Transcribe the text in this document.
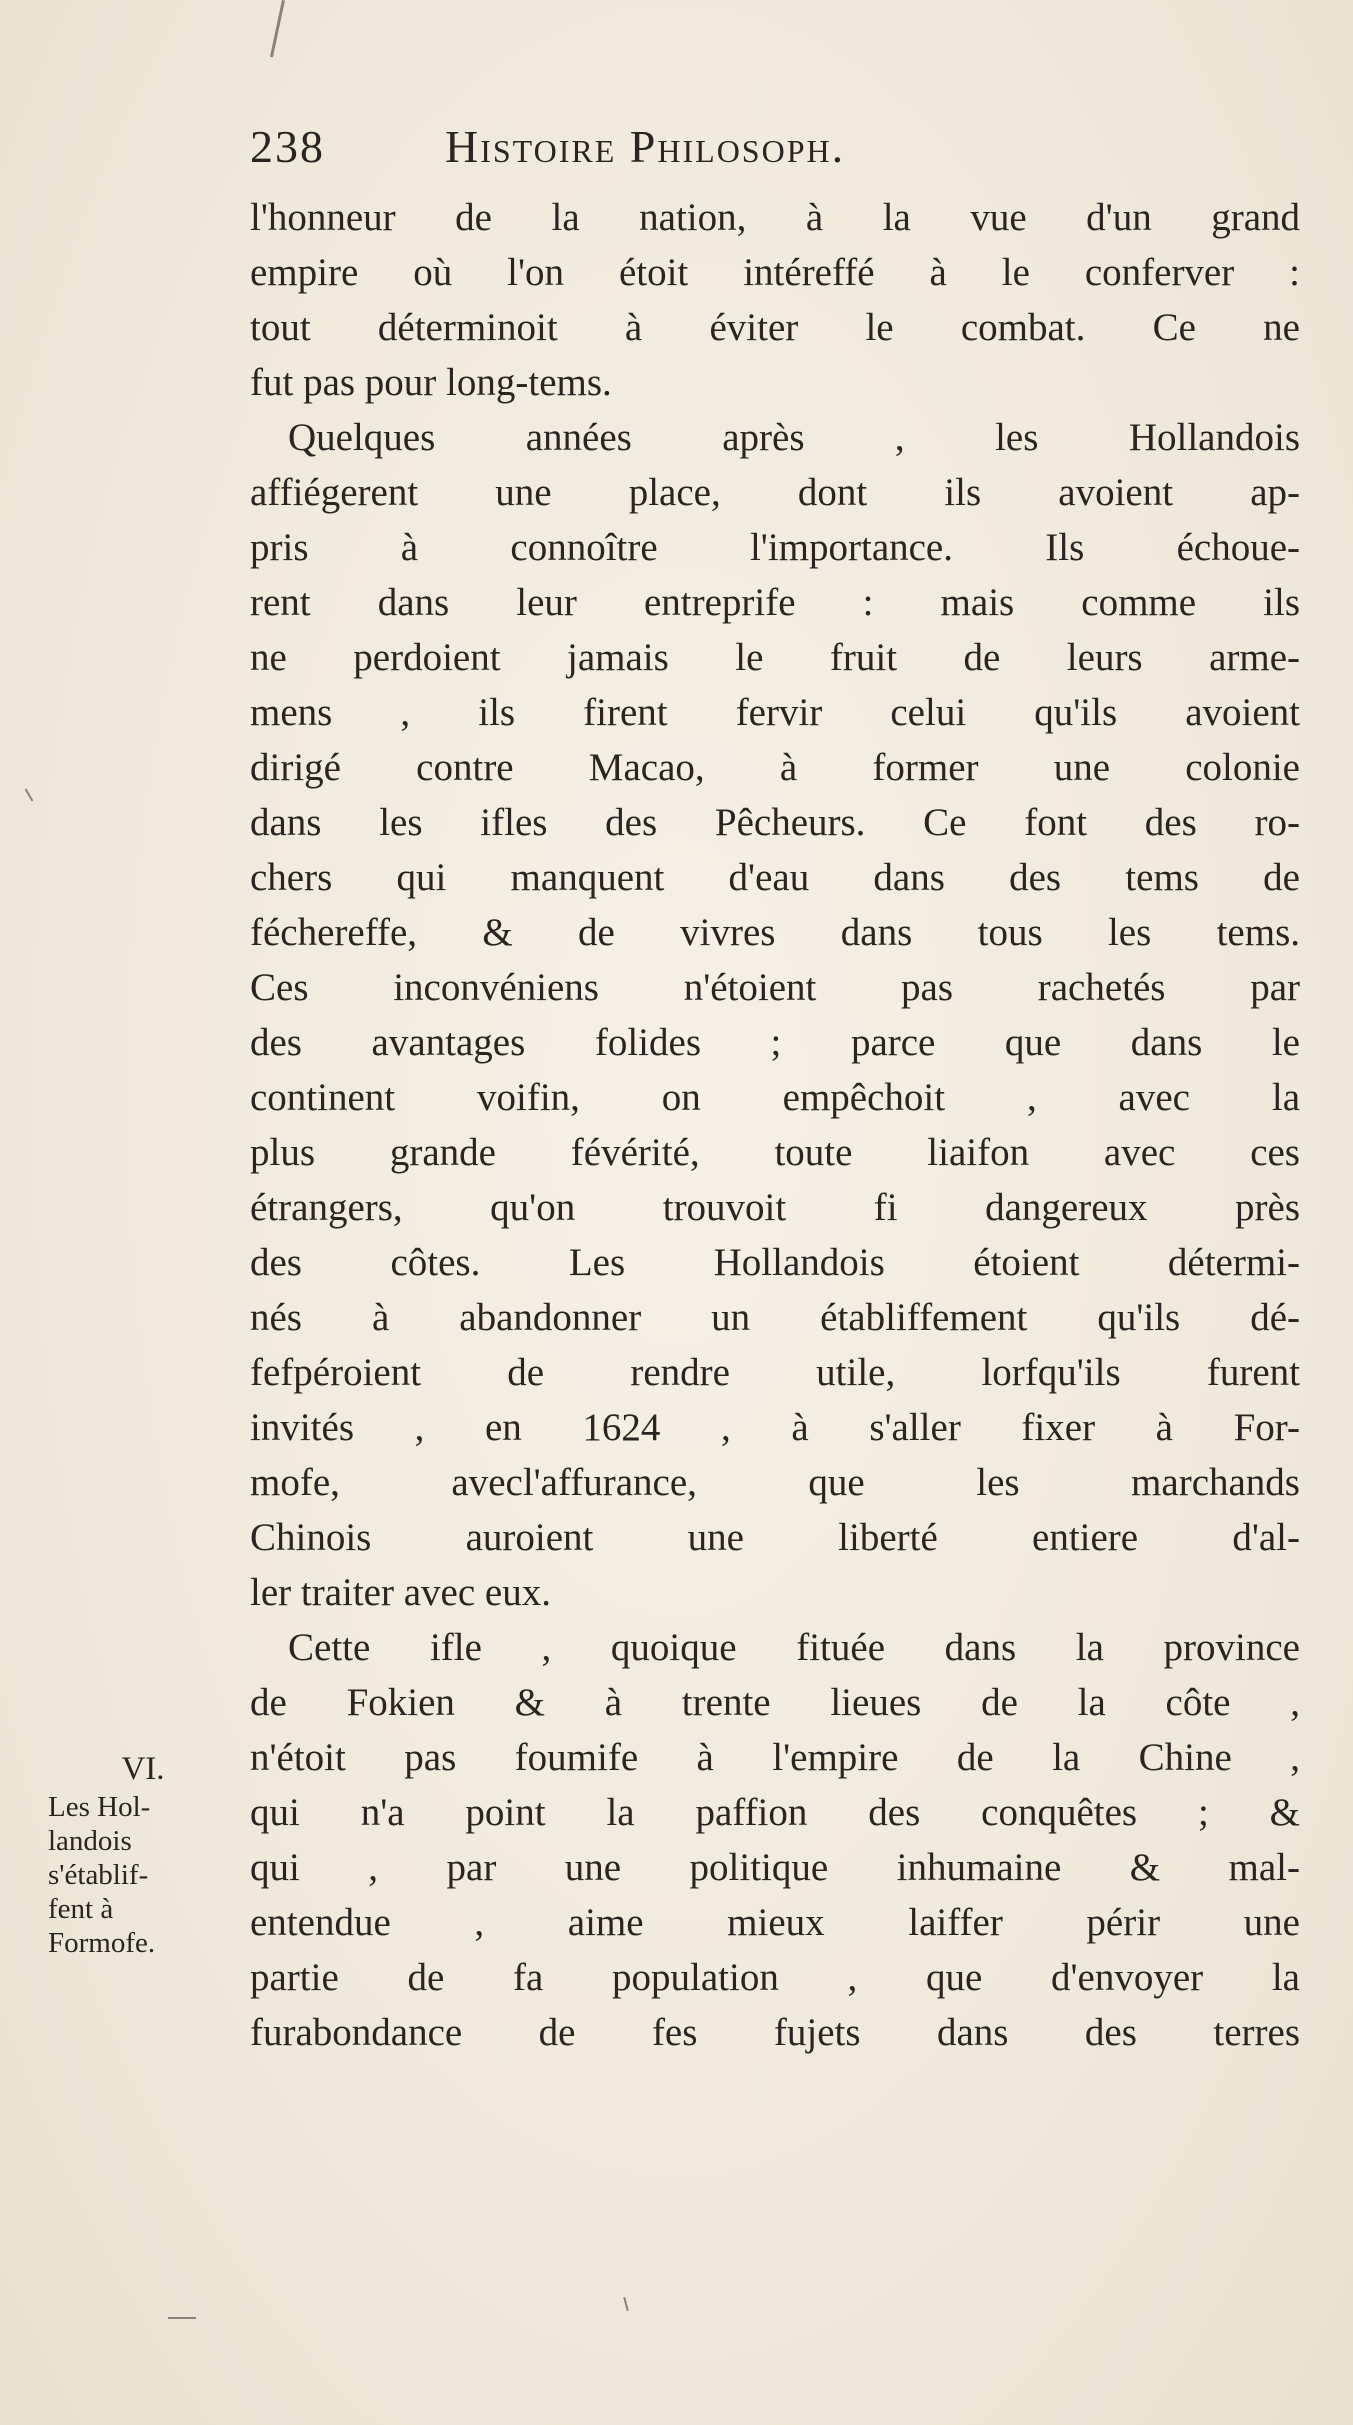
238	Histoire Philosoph.
l'honneur de la nation, à la vue d'un grand
empire où l'on étoit intéreffé à le conferver :
tout déterminoit à éviter le combat. Ce ne
fut pas pour long-tems.
Quelques années après , les Hollandois
affiégerent une place, dont ils avoient ap-
pris à connoître l'importance. Ils échoue-
rent dans leur entreprife : mais comme ils
ne perdoient jamais le fruit de leurs arme-
mens , ils firent fervir celui qu'ils avoient
dirigé contre Macao, à former une colonie
dans les ifles des Pêcheurs. Ce font des ro-
chers qui manquent d'eau dans des tems de
féchereffe, & de vivres dans tous les tems.
Ces inconvéniens n'étoient pas rachetés par
des avantages folides ; parce que dans le
continent voifin, on empêchoit , avec la
plus grande févérité, toute liaifon avec ces
étrangers, qu'on trouvoit fi dangereux près
des côtes. Les Hollandois étoient détermi-
nés à abandonner un établiffement qu'ils dé-
fefpéroient de rendre utile, lorfqu'ils furent
invités , en 1624 , à s'aller fixer à For-
mofe, avecl'affurance, que les marchands
Chinois auroient une liberté entiere d'al-
ler traiter avec eux.
Cette ifle , quoique fituée dans la province
de Fokien & à trente lieues de la côte ,
n'étoit pas foumife à l'empire de la Chine ,
qui n'a point la paffion des conquêtes ; &
qui , par une politique inhumaine & mal-
entendue , aime mieux laiffer périr une
partie de fa population , que d'envoyer la
furabondance de fes fujets dans des terres
VI.
Les Hol-
landois
s'établif-
fent à
Formofe.
